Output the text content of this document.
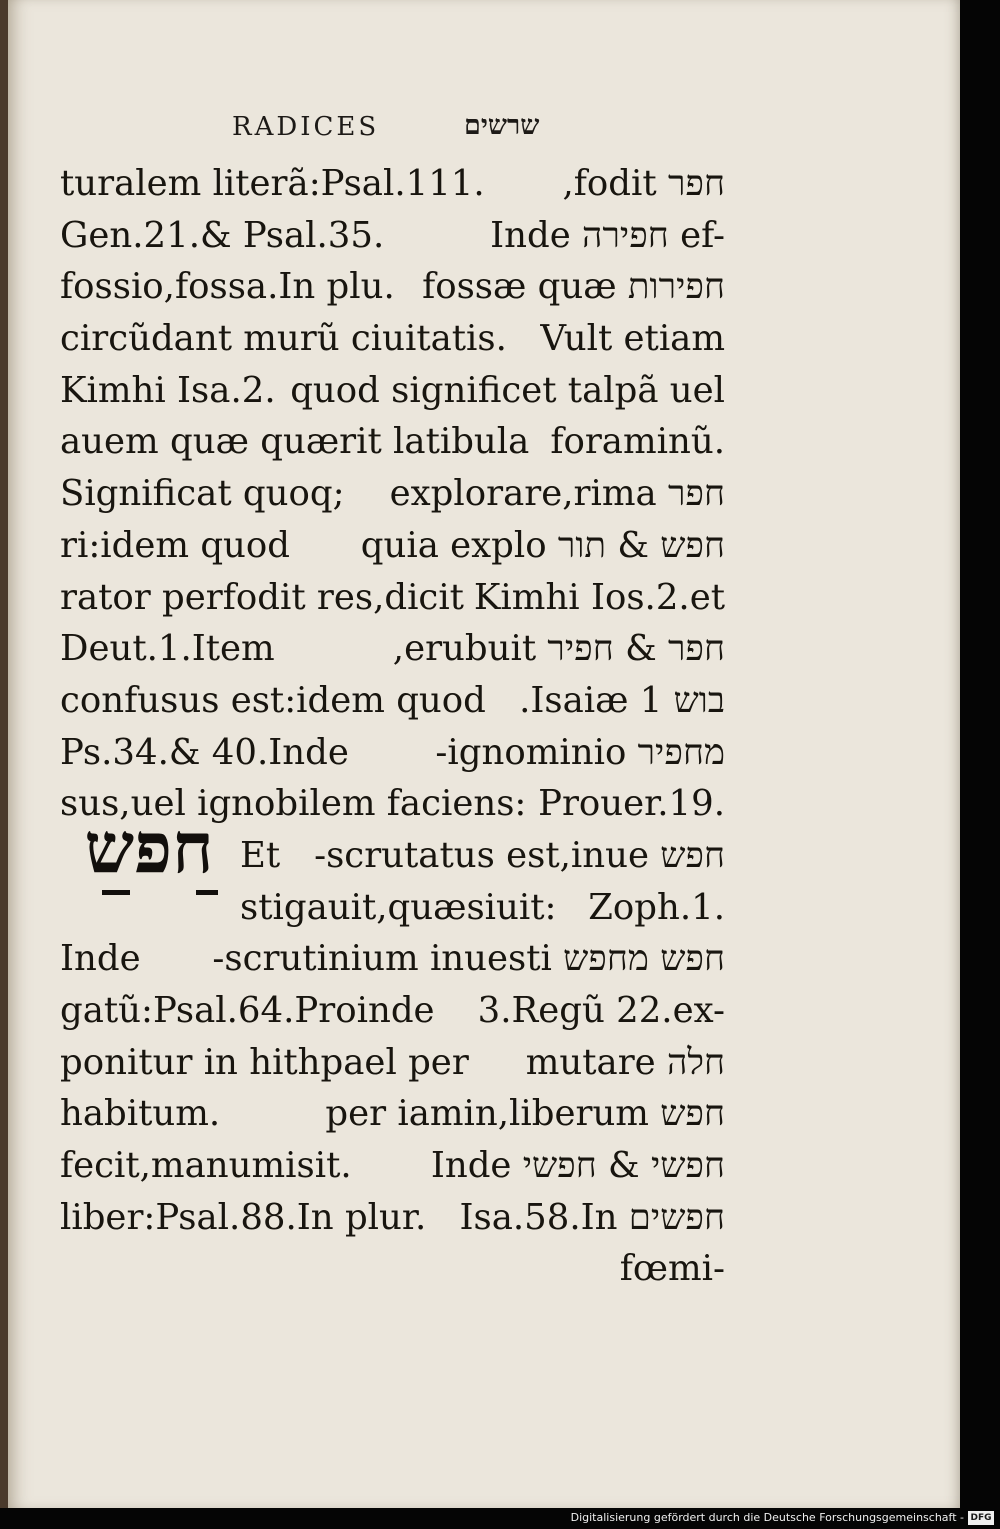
RADICES	שרשים
חפש
turalem literã:Psal.111. חפר fodit,
Gen.21.& Psal.35.	Inde חפירה ef-
fossio,fossa.In plu. חפירות fossæ quæ
circũdant murũ ciuitatis. Vult etiam
Kimhi Isa.2. quod significet talpã uel
auem quæ quærit latibula foraminũ.
Significat quoq; חפר explorare,rima
ri:idem quod חפש & תור quia explo
rator perfodit res,dicit Kimhi Ios.2.et
Deut.1.Item	חפר & חפיר erubuit,
confusus est:idem quod בוש Isaiæ 1.
Ps.34.& 40.Inde מחפיר ignominio-
sus,uel ignobilem faciens: Prouer.19.
Et חפש scrutatus est,inue-
stigauit,quæsiuit: Zoph.1.
Inde חפש מחפש scrutinium inuesti-
gatũ:Psal.64.Proinde 3.Regũ 22.ex-
ponitur in hithpael per חלה mutare
habitum.	חפש per iamin,liberum
fecit,manumisit. Inde חפשי & חפשי
liber:Psal.88.In plur. חפשים Isa.58.In
fœmi-
Digitalisierung gefördert durch die Deutsche Forschungsgemeinschaft - DFG
